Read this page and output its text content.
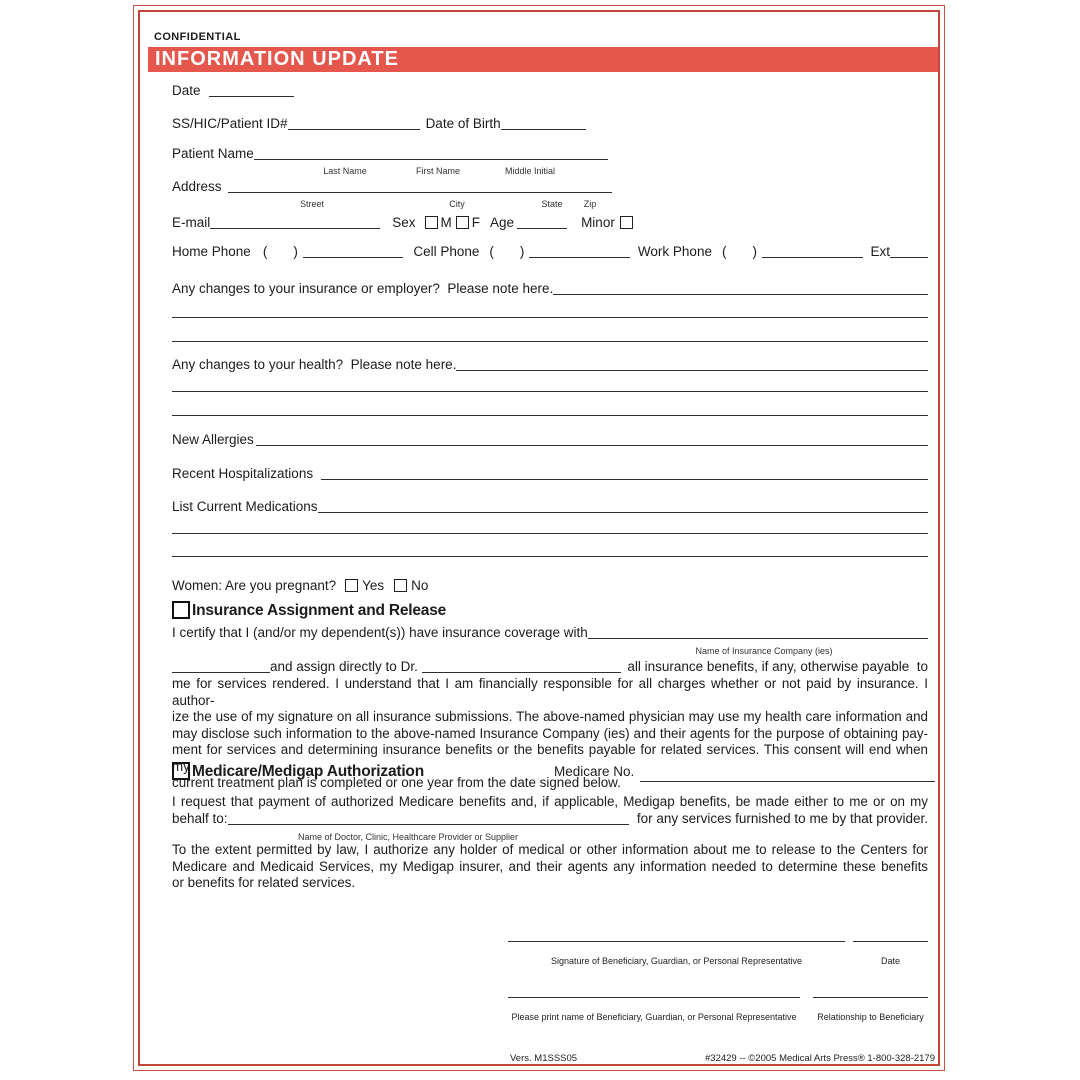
CONFIDENTIAL
INFORMATION UPDATE
Date
SS/HIC/Patient ID#	Date of Birth
Patient Name
Last Name	First Name	Middle Initial
Address
Street	City	State Zip
E-mail	Sex M F Age	Minor
Home Phone ( )	Cell Phone ( )	Work Phone ( )	Ext
Any changes to your insurance or employer?  Please note here.
Any changes to your health?  Please note here.
New Allergies
Recent Hospitalizations
List Current Medications
Women: Are you pregnant? Yes No
Insurance Assignment and Release
I certify that I (and/or my dependent(s)) have insurance coverage with
Name of Insurance Company (ies)
and assign directly to Dr.	all insurance benefits, if any, otherwise payable  to
me for services rendered. I understand that I am financially responsible for all charges whether or not paid by insurance. I author-
ize the use of my signature on all insurance submissions. The above-named physician may use my health care information and
may disclose such information to the above-named Insurance Company (ies) and their agents for the purpose of obtaining pay-
ment for services and determining insurance benefits or the benefits payable for related services. This consent will end when my
current treatment plan is completed or one year from the date signed below.
Medicare/Medigap Authorization	Medicare No.
I request that payment of authorized Medicare benefits and, if applicable, Medigap benefits, be made either to me or on my
behalf to:	for any services furnished to me by that provider.
Name of Doctor, Clinic, Healthcare Provider or Supplier
To the extent permitted by law, I authorize any holder of medical or other information about me to release to the Centers for
Medicare and Medicaid Services, my Medigap insurer, and their agents any information needed to determine these benefits
or benefits for related services.
Signature of Beneficiary, Guardian, or Personal Representative	Date
Please print name of Beneficiary, Guardian, or Personal Representative	Relationship to Beneficiary
Vers. M1SSS05	#32429 -- ©2005 Medical Arts Press® 1-800-328-2179
